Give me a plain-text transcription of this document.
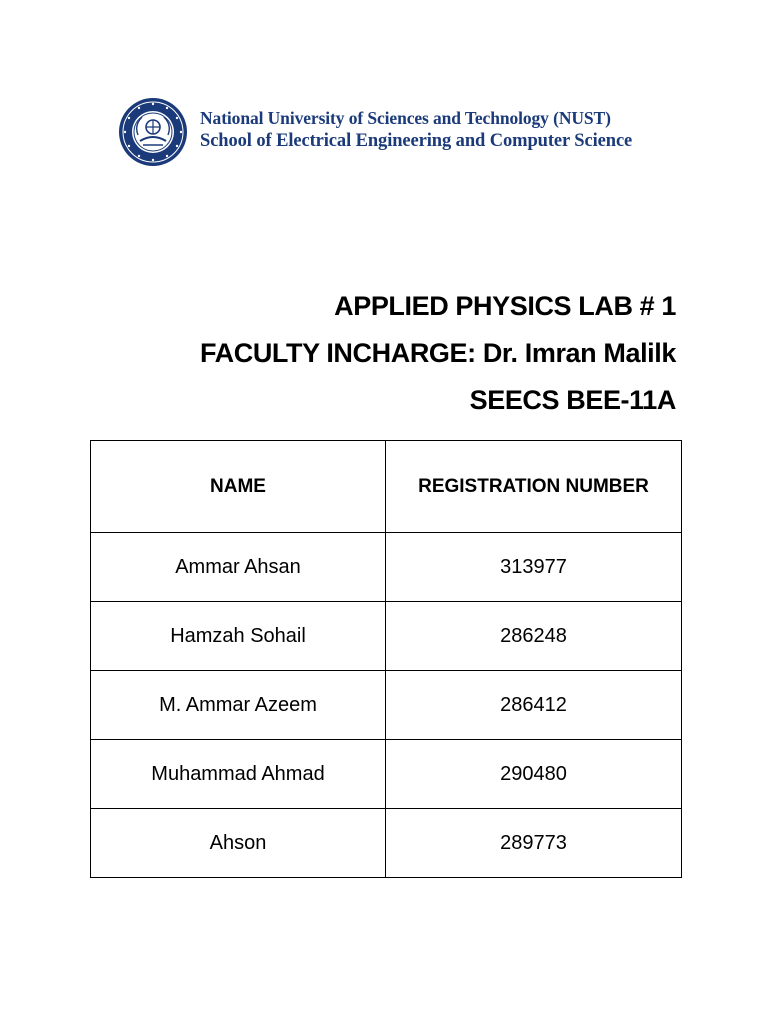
National University of Sciences and Technology (NUST)
School of Electrical Engineering and Computer Science
APPLIED PHYSICS LAB # 1
FACULTY INCHARGE: Dr. Imran Malilk
SEECS BEE-11A
NAME	REGISTRATION NUMBER
Ammar Ahsan	313977
Hamzah Sohail	286248
M. Ammar Azeem	286412
Muhammad Ahmad	290480
Ahson	289773
